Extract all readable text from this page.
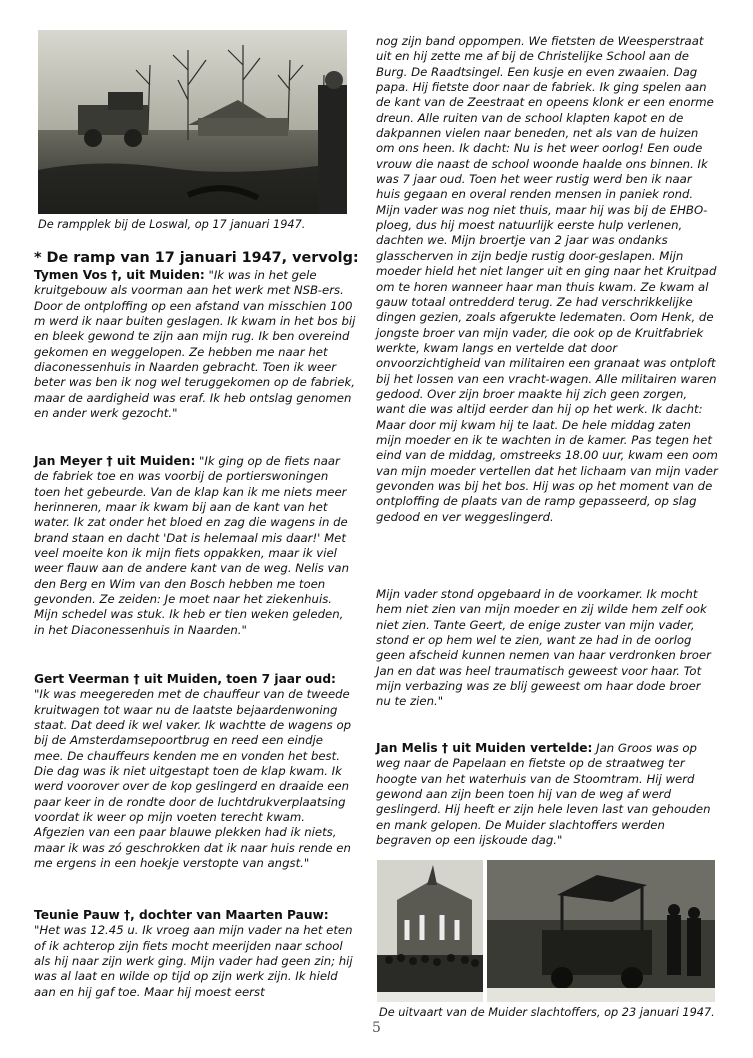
De rampplek bij de Loswal, op 17 januari 1947.
* De ramp van 17 januari 1947, vervolg:
Tymen Vos †, uit Muiden: "Ik was in het gele kruitgebouw als voorman aan het werk met NSB-ers. Door de ontploffing op een afstand van misschien 100 m werd ik naar buiten geslagen. Ik kwam in het bos bij en bleek gewond te zijn aan mijn rug. Ik ben overeind gekomen en weggelopen. Ze hebben me naar het diaconessenhuis in Naarden gebracht. Toen ik weer beter was ben ik nog wel teruggekomen op de fabriek, maar de aardigheid was eraf. Ik heb ontslag genomen en ander werk gezocht."
Jan Meyer † uit Muiden: "Ik ging op de fiets naar de fabriek toe en was voorbij de portierswoningen toen het gebeurde. Van de klap kan ik me niets meer herinneren, maar ik kwam bij aan de kant van het water. Ik zat onder het bloed en zag die wagens in de brand staan en dacht 'Dat is helemaal mis daar!' Met veel moeite kon ik mijn fiets oppakken, maar ik viel weer flauw aan de andere kant van de weg. Nelis van den Berg en Wim van den Bosch hebben me toen gevonden. Ze zeiden: Je moet naar het ziekenhuis. Mijn schedel was stuk. Ik heb er tien weken geleden, in het Diaconessenhuis in Naarden."
Gert Veerman † uit Muiden, toen 7 jaar oud:
"Ik was meegereden met de chauffeur van de tweede kruitwagen tot waar nu de laatste bejaardenwoning staat. Dat deed ik wel vaker. Ik wachtte de wagens op bij de Amsterdamsepoortbrug en reed een eindje mee. De chauffeurs kenden me en vonden het best. Die dag was ik niet uitgestapt toen de klap kwam. Ik werd voorover over de kop geslingerd en draaide een paar keer in de rondte door de luchtdrukverplaatsing voordat ik weer op mijn voeten terecht kwam. Afgezien van een paar blauwe plekken had ik niets, maar ik was zó geschrokken dat ik naar huis rende en me ergens in een hoekje verstopte van angst."
Teunie Pauw †, dochter van Maarten Pauw:
"Het was 12.45 u. Ik vroeg aan mijn vader na het eten of ik achterop zijn fiets mocht meerijden naar school als hij naar zijn werk ging. Mijn vader had geen zin; hij was al laat en wilde op tijd op zijn werk zijn. Ik hield aan en hij gaf toe. Maar hij moest eerst
nog zijn band oppompen. We fietsten de Weesperstraat uit en hij zette me af bij de Christelijke School aan de Burg. De Raadtsingel. Een kusje en even zwaaien. Dag papa. Hij fietste door naar de fabriek. Ik ging spelen aan de kant van de Zeestraat en opeens klonk er een enorme dreun. Alle ruiten van de school klapten kapot en de dakpannen vielen naar beneden, net als van de huizen om ons heen. Ik dacht: Nu is het weer oorlog! Een oude vrouw die naast de school woonde haalde ons binnen. Ik was 7 jaar oud. Toen het weer rustig werd ben ik naar huis gegaan en overal renden mensen in paniek rond. Mijn vader was nog niet thuis, maar hij was bij de EHBO-ploeg, dus hij moest natuurlijk eerste hulp verlenen, dachten we. Mijn broertje van 2 jaar was ondanks glasscherven in zijn bedje rustig door-geslapen. Mijn moeder hield het niet langer uit en ging naar het Kruitpad om te horen wanneer haar man thuis kwam. Ze kwam al gauw totaal ontredderd terug. Ze had verschrikkelijke dingen gezien, zoals afgerukte ledematen. Oom Henk, de jongste broer van mijn vader, die ook op de Kruitfabriek werkte, kwam langs en vertelde dat door onvoorzichtigheid van militairen een granaat was ontploft bij het lossen van een vracht-wagen. Alle militairen waren gedood. Over zijn broer maakte hij zich geen zorgen, want die was altijd eerder dan hij op het werk. Ik dacht: Maar door mij kwam hij te laat. De hele middag zaten mijn moeder en ik te wachten in de kamer. Pas tegen het eind van de middag, omstreeks 18.00 uur, kwam een oom van mijn moeder vertellen dat het lichaam van mijn vader gevonden was bij het bos. Hij was op het moment van de ontploffing de plaats van de ramp gepasseerd, op slag gedood en ver weggeslingerd.
Mijn vader stond opgebaard in de voorkamer. Ik mocht hem niet zien van mijn moeder en zij wilde hem zelf ook niet zien. Tante Geert, de enige zuster van mijn vader, stond er op hem wel te zien, want ze had in de oorlog geen afscheid kunnen nemen van haar verdronken broer Jan en dat was heel traumatisch geweest voor haar. Tot mijn verbazing was ze blij geweest om haar dode broer nu te zien."
Jan Melis † uit Muiden vertelde: Jan Groos was op weg naar de Papelaan en fietste op de straatweg ter hoogte van het waterhuis van de Stoomtram. Hij werd gewond aan zijn been toen hij van de weg af werd geslingerd. Hij heeft er zijn hele leven last van gehouden en mank gelopen. De Muider slachtoffers werden begraven op een ijskoude dag."
De uitvaart van de Muider slachtoffers, op 23 januari 1947.
5
